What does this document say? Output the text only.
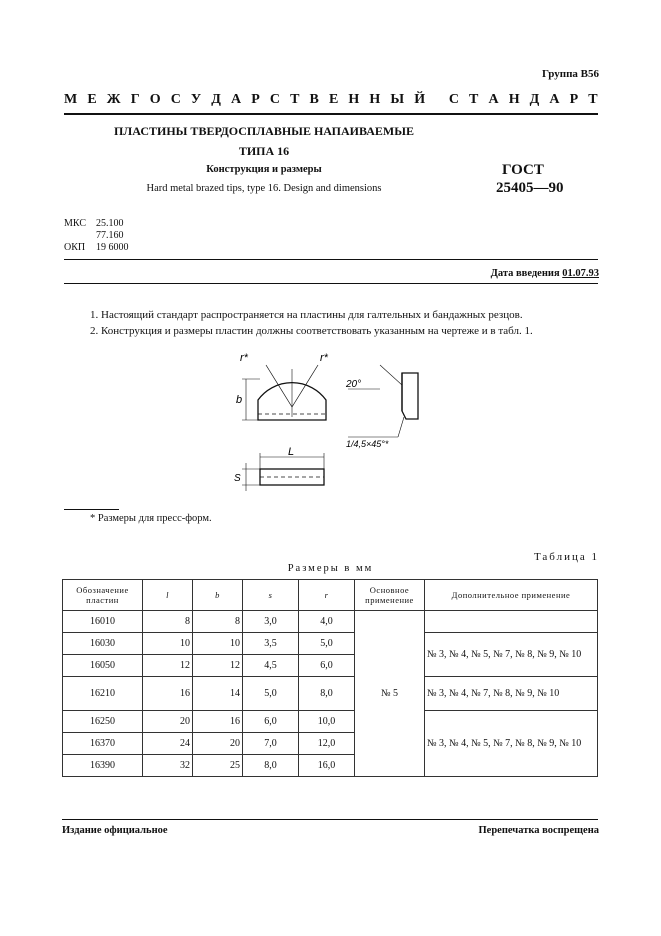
Группа В56
М Е Ж Г О С У Д А Р С Т В Е Н Н Ы Й
С Т А Н Д А Р Т
ПЛАСТИНЫ ТВЕРДОСПЛАВНЫЕ НАПАИВАЕМЫЕ
ТИПА 16
Конструкция и размеры
Hard metal brazed tips, type 16. Design and dimensions
ГОСТ
25405—90
МКС	25.100
77.160
ОКП	19 6000
Дата введения 01.07.93
1. Настоящий стандарт распространяется на пластины для галтельных и бандажных резцов.
2. Конструкция и размеры пластин должны соответствовать указанным на чертеже и в табл. 1.
r*	r*
b
20°
1/4,5×45°*
L
S
* Размеры для пресс-форм.
Таблица 1
Размеры в мм
Обозначение пластин	l	b	s	r	Основное применение	Дополнительное применение
16010	8	8	3,0	4,0	№ 5	
16030	10	10	3,5	5,0		№ 3, № 4, № 5, № 7, № 8, № 9, № 10
16050	12	12	4,5	6,0		
16210	16	14	5,0	8,0		№ 3, № 4, № 7, № 8, № 9, № 10
16250	20	16	6,0	10,0		№ 3, № 4, № 5, № 7, № 8, № 9, № 10
16370	24	20	7,0	12,0		
16390	32	25	8,0	16,0		
Издание официальное	Перепечатка воспрещена
